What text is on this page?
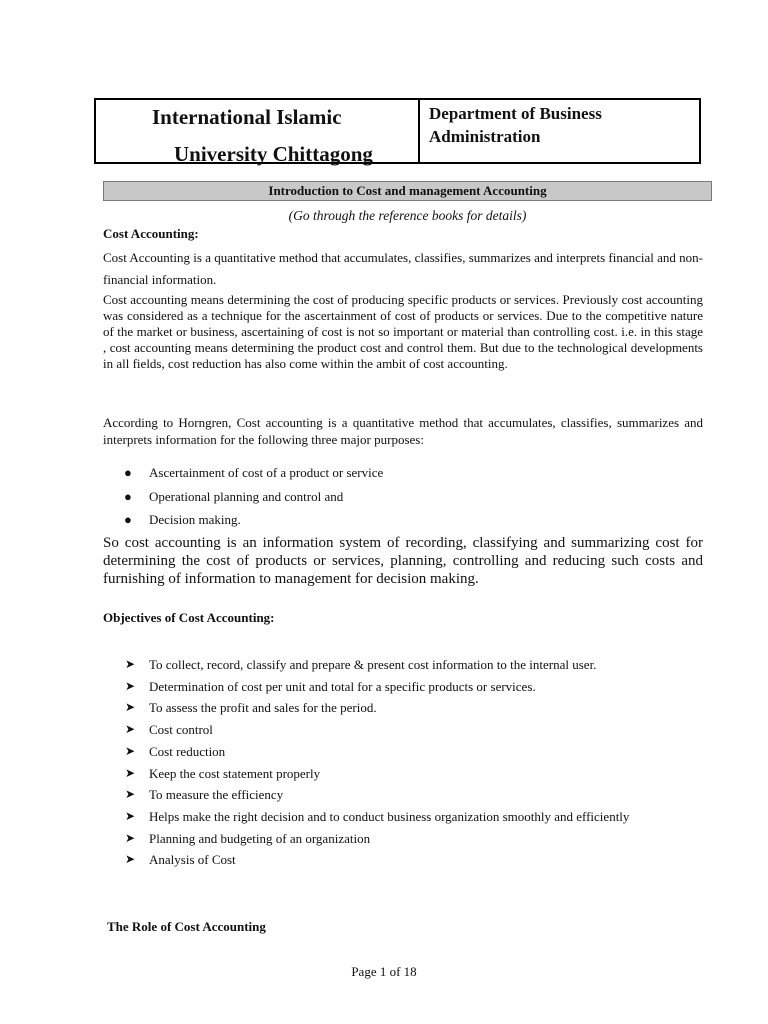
International Islamic
University Chittagong
Department of Business Administration
Introduction to Cost and management Accounting
(Go through the reference books for details)
Cost Accounting:
Cost Accounting is a quantitative method that accumulates, classifies, summarizes and interprets financial and non-financial information.
Cost accounting means determining the cost of producing specific products or services. Previously cost accounting was considered as a technique for the ascertainment of cost of products or services. Due to the competitive nature of the market or business, ascertaining of cost is not so important or material than controlling cost. i.e. in this stage , cost accounting means determining the product cost and control them. But due to the technological developments in all fields, cost reduction has also come within the ambit of cost accounting.
According to Horngren, Cost accounting is a quantitative method that accumulates, classifies, summarizes and interprets information for the following three major purposes:
● Ascertainment of cost of a product or service
● Operational planning and control and
● Decision making.
So cost accounting is an information system of recording, classifying and summarizing cost for determining the cost of products or services, planning, controlling and reducing such costs and furnishing of information to management for decision making.
Objectives of Cost Accounting:
➤ To collect, record, classify and prepare & present cost information to the internal user.
➤ Determination of cost per unit and total for a specific products or services.
➤ To assess the profit and sales for the period.
➤ Cost control
➤ Cost reduction
➤ Keep the cost statement properly
➤ To measure the efficiency
➤ Helps make the right decision and to conduct business organization smoothly and efficiently
➤ Planning and budgeting of an organization
➤ Analysis of Cost
The Role of Cost Accounting
Page 1 of 18
